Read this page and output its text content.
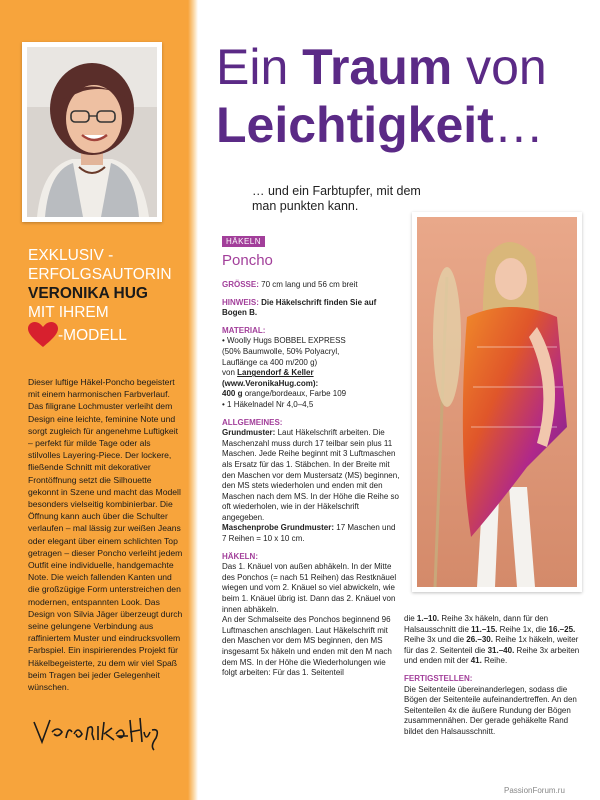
EXKLUSIV -
ERFOLGSAUTORIN
VERONIKA HUG
MIT IHREM
-MODELL
Dieser luftige Häkel-Poncho begeistert mit einem harmonischen Farbverlauf. Das filigrane Lochmuster verleiht dem Design eine leichte, feminine Note und sorgt zugleich für angenehme Luftigkeit – perfekt für milde Tage oder als stilvolles Layering-Piece. Der lockere, fließende Schnitt mit dekorativer Frontöffnung setzt die Silhouette gekonnt in Szene und macht das Modell besonders vielseitig kombinierbar. Die Öffnung kann auch über die Schulter verlaufen – mal lässig zur weißen Jeans oder elegant über einem schlichten Top getragen – dieser Poncho verleiht jedem Outfit eine individuelle, handgemachte Note. Die weich fallenden Kanten und die großzügige Form unterstreichen den modernen, entspannten Look. Das Design von Silvia Jäger überzeugt durch seine gelungene Verbindung aus raffiniertem Muster und eindrucksvollem Farbspiel. Ein inspirierendes Projekt für Häkelbegeisterte, zu dem wir viel Spaß beim Tragen bei jeder Gelegenheit wünschen.
Ein Traum von
Leichtigkeit…
… und ein Farbtupfer, mit dem man punkten kann.
HÄKELN
Poncho

GRÖSSE: 70 cm lang und 56 cm breit

HINWEIS: Die Häkelschrift finden Sie auf Bogen B.

MATERIAL:

• Woolly Hugs BOBBEL EXPRESS

(50% Baumwolle, 50% Polyacryl,

Lauflänge ca 400 m/200 g)

von Langendorf & Keller

(www.VeronikaHug.com):

400 g orange/bordeaux, Farbe 109

• 1 Häkelnadel Nr 4,0–4,5

ALLGEMEINES:

Grundmuster: Laut Häkelschrift arbeiten. Die Maschenzahl muss durch 17 teilbar sein plus 11 Maschen. Jede Reihe beginnt mit 3 Luftmaschen als Ersatz für das 1. Stäbchen. In der Breite mit den Maschen vor dem Mustersatz (MS) beginnen, den MS stets wiederholen und enden mit den Maschen nach dem MS. In der Höhe die Reihe so oft wiederholen, wie in der Häkelschrift angegeben.

Maschenprobe Grundmuster: 17 Maschen und 7 Reihen = 10 x 10 cm.

HÄKELN:

Das 1. Knäuel von außen abhäkeln. In der Mitte des Ponchos (= nach 51 Reihen) das Restknäuel wiegen und vom 2. Knäuel so viel abwickeln, wie beim 1. Knäuel übrig ist. Dann das 2. Knäuel von innen abhäkeln.

An der Schmalseite des Ponchos beginnend 96 Luftmaschen anschlagen. Laut Häkelschrift mit den Maschen vor dem MS beginnen, den MS insgesamt 5x häkeln und enden mit den M nach dem MS. In der Höhe die Wiederholungen wie folgt arbeiten: Für das 1. Seitenteil

die 1.–10. Reihe 3x häkeln, dann für den Halsausschnitt die 11.–15. Reihe 1x, die 16.–25. Reihe 3x und die 26.–30. Reihe 1x häkeln, weiter für das 2. Seitenteil die 31.–40. Reihe 3x arbeiten und enden mit der 41. Reihe.

FERTIGSTELLEN:

Die Seitenteile übereinanderlegen, sodass die Bögen der Seitenteile aufeinandertreffen. An den Seitenteilen 4x die äußere Rundung der Bögen zusammennähen. Der gerade gehäkelte Rand bildet den Halsausschnitt.

PassionForum.ru
